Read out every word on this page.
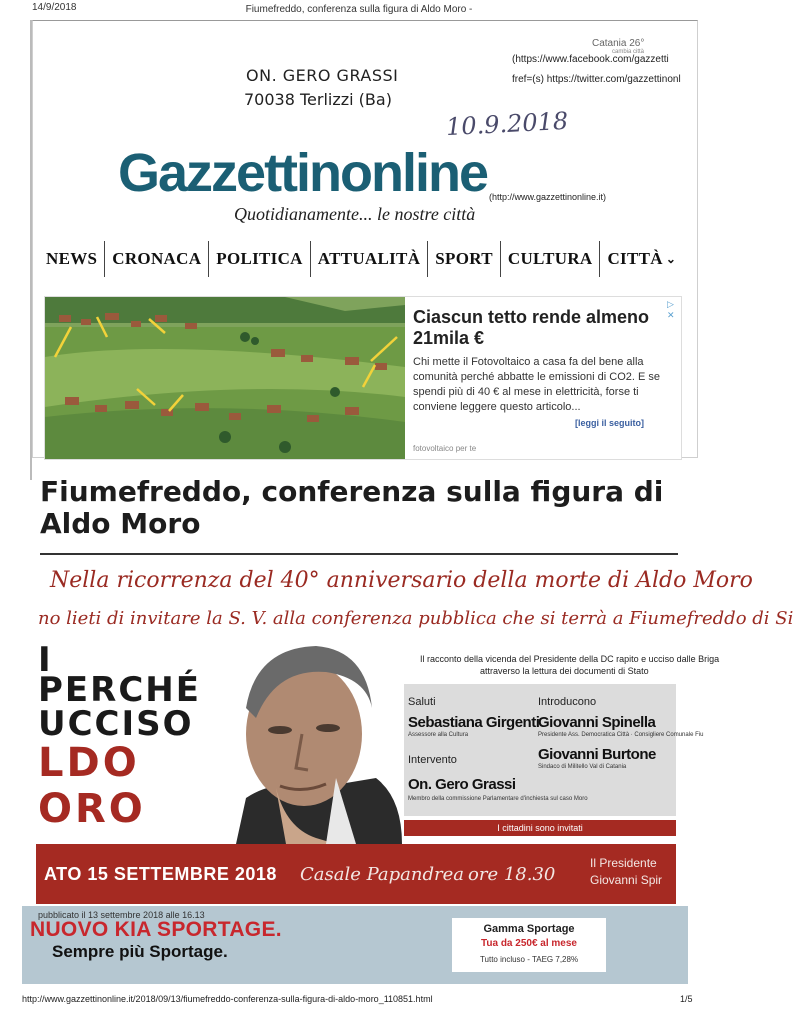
14/9/2018	Fiumefreddo, conferenza sulla figura di Aldo Moro -
ON. GERO GRASSI
70038 Terlizzi (Ba)
10.9.2018
Catania 26°
cambia città
(https://www.facebook.com/gazzetti
fref=(s) https://twitter.com/gazzettinonl
Gazzettinonline (http://www.gazzettinonline.it)
Quotidianamente... le nostre città
NEWS CRONACA POLITICA ATTUALITÀ SPORT CULTURA CITTÀ ⌄
▷ ✕
Ciascun tetto rende almeno 21mila €
Chi mette il Fotovoltaico a casa fa del bene alla comunità perché abbatte le emissioni di CO2. E se spendi più di 40 € al mese in elettricità, forse ti conviene leggere questo articolo...
[leggi il seguito]
fotovoltaico per te
Fiumefreddo, conferenza sulla figura di Aldo Moro
Nella ricorrenza del 40° anniversario della morte di Aldo Moro
no lieti di invitare la S. V. alla conferenza pubblica che si terrà a Fiumefreddo di Si
I
PERCHÉ
UCCISO
LDO
ORO
Il racconto della vicenda del Presidente della DC rapito e ucciso dalle Briga
attraverso la lettura dei documenti di Stato
Saluti
Sebastiana Girgenti
Assessore alla Cultura
Intervento
On. Gero Grassi
Membro della commissione Parlamentare d'inchiesta sul caso Moro
Introducono
Giovanni Spinella
Presidente Ass. Democratica Città · Consigliere Comunale Fiu
Giovanni Burtone
Sindaco di Militello Val di Catania
I cittadini sono invitati
ATO 15 SETTEMBRE 2018 Casale Papandrea ore 18.30
Il Presidente
Giovanni Spir
pubblicato il 13 settembre 2018 alle 16.13
NUOVO KIA SPORTAGE.
Sempre più Sportage.
Gamma Sportage
Tua da 250€ al mese
Tutto incluso - TAEG 7,28%
http://www.gazzettinonline.it/2018/09/13/fiumefreddo-conferenza-sulla-figura-di-aldo-moro_110851.html	1/5
